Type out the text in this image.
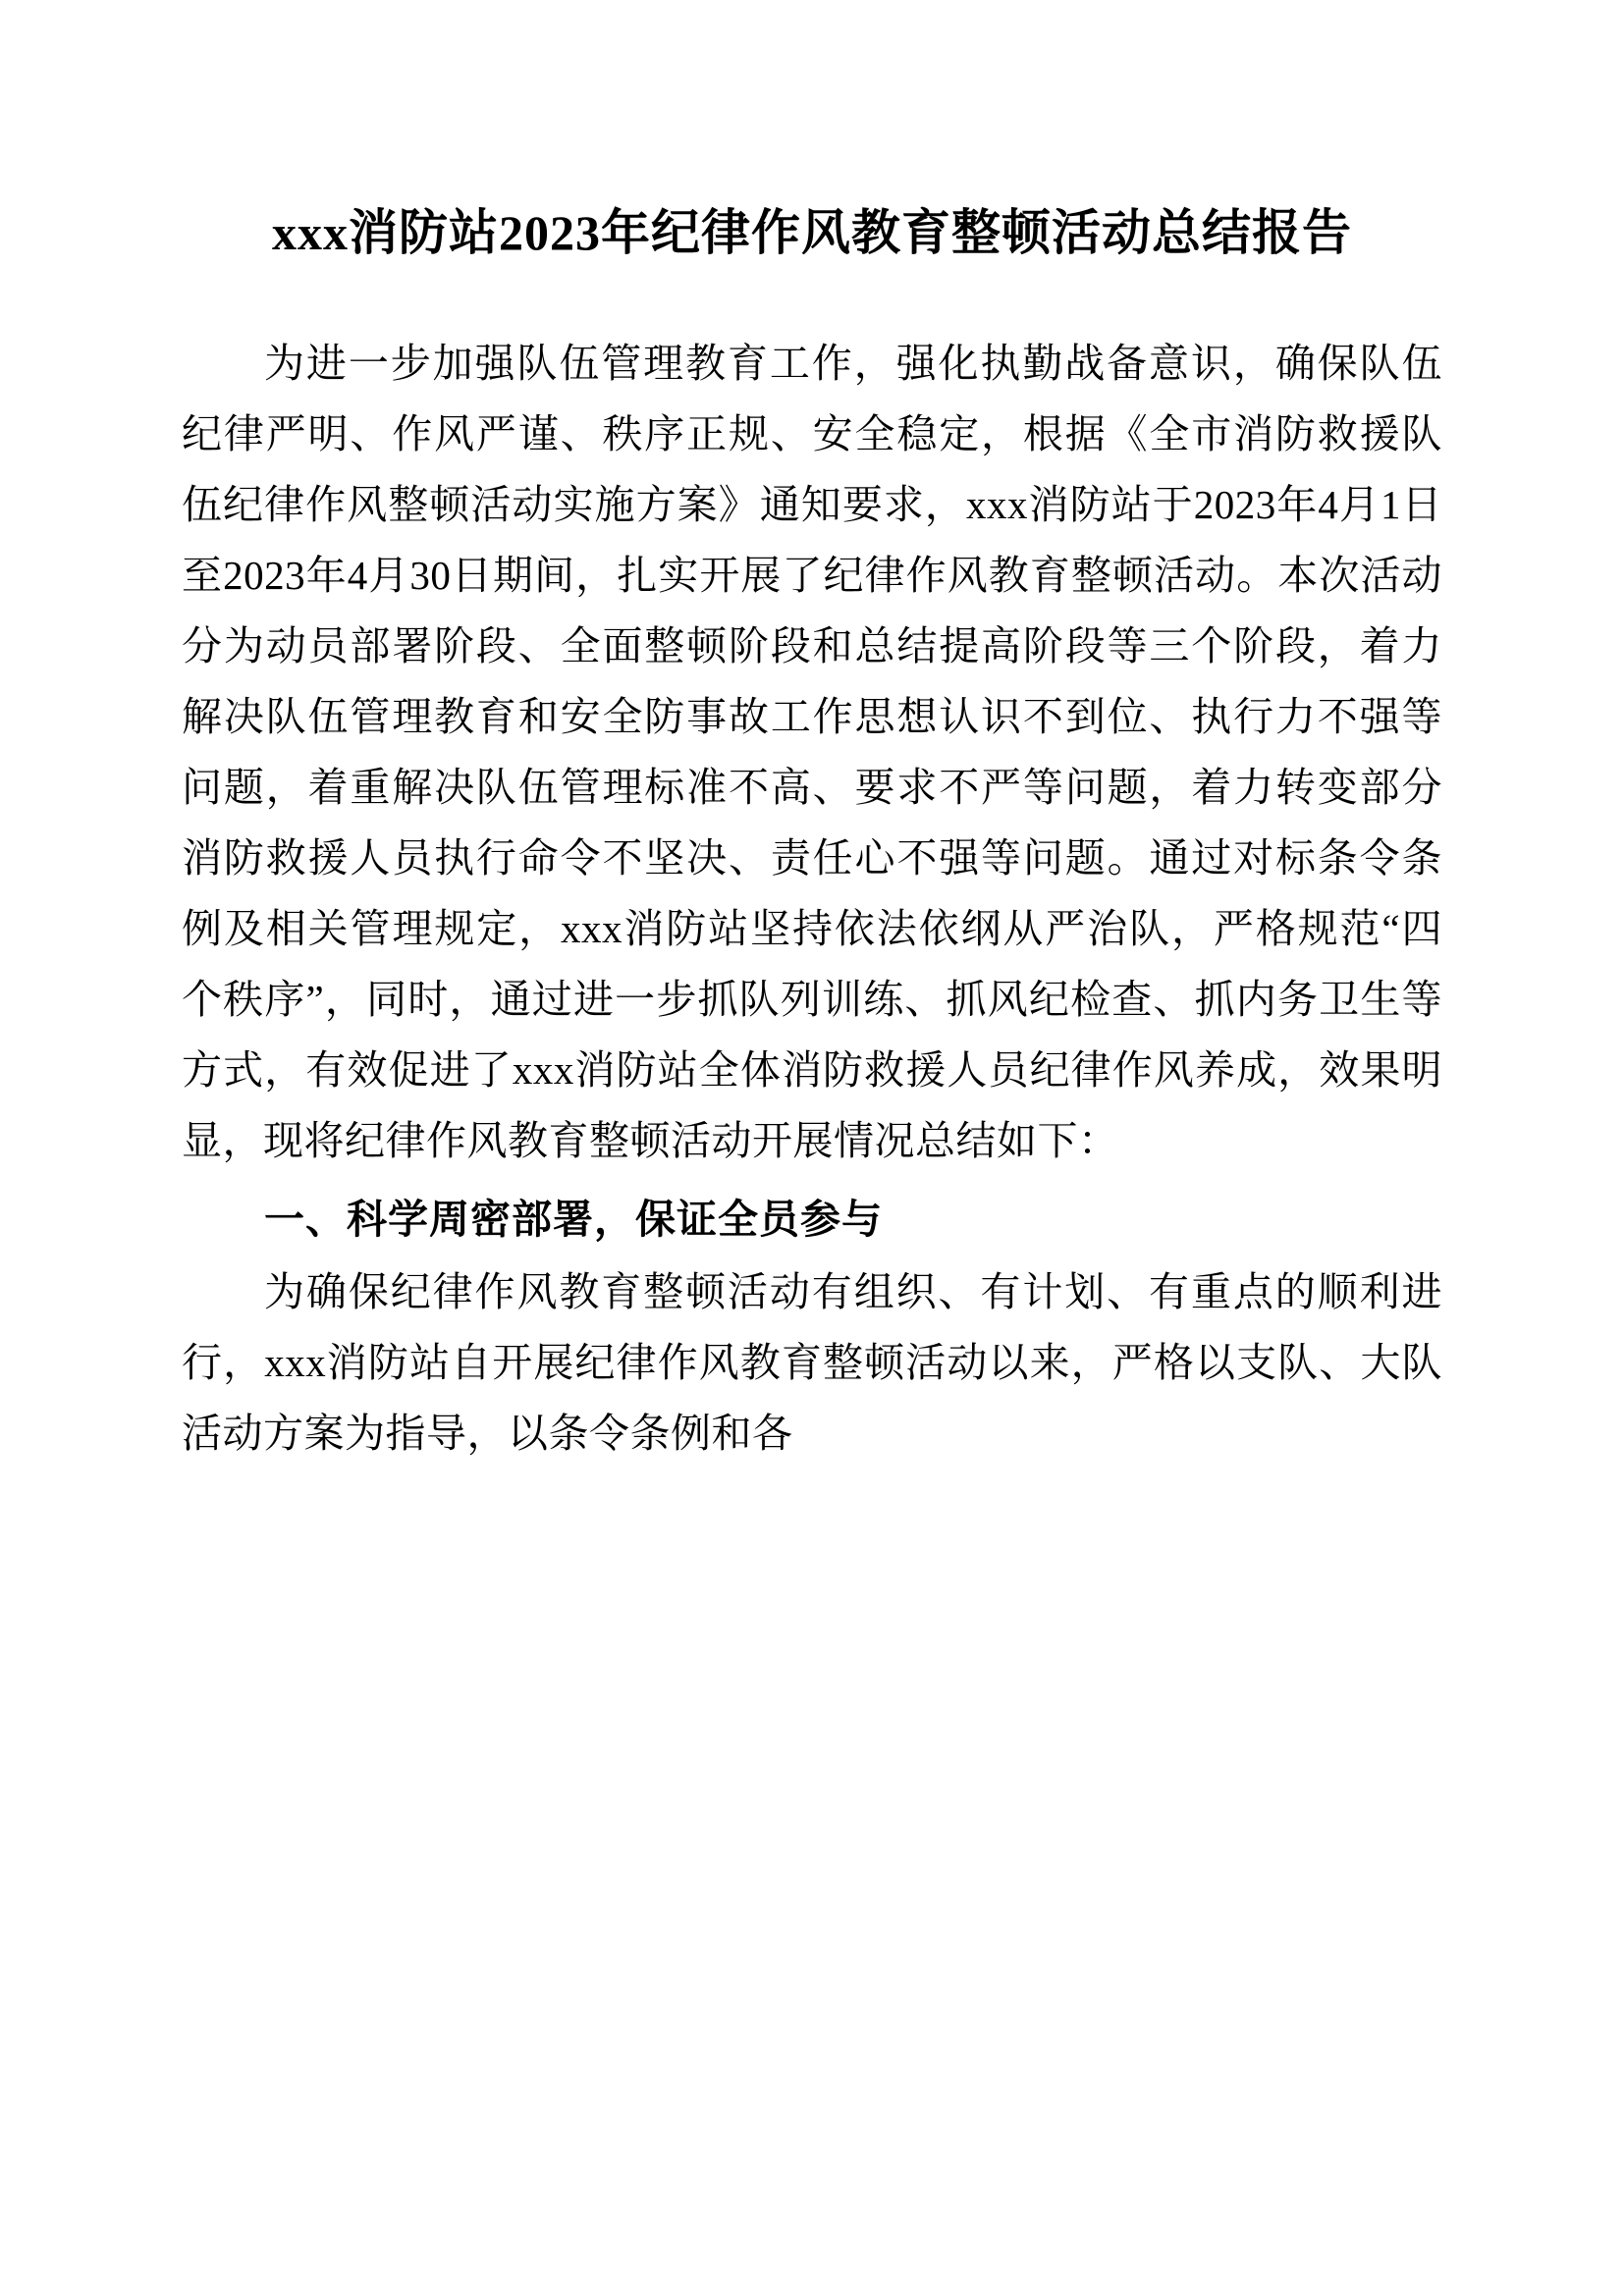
xxx消防站2023年纪律作风教育整顿活动总结报告

为进一步加强队伍管理教育工作，强化执勤战备意识，确保队伍纪律严明、作风严谨、秩序正规、安全稳定，根据《全市消防救援队伍纪律作风整顿活动实施方案》通知要求，xxx消防站于2023年4月1日至2023年4月30日期间，扎实开展了纪律作风教育整顿活动。本次活动分为动员部署阶段、全面整顿阶段和总结提高阶段等三个阶段，着力解决队伍管理教育和安全防事故工作思想认识不到位、执行力不强等问题，着重解决队伍管理标准不高、要求不严等问题，着力转变部分消防救援人员执行命令不坚决、责任心不强等问题。通过对标条令条例及相关管理规定，xxx消防站坚持依法依纲从严治队，严格规范“四个秩序”，同时，通过进一步抓队列训练、抓风纪检查、抓内务卫生等方式，有效促进了xxx消防站全体消防救援人员纪律作风养成，效果明显，现将纪律作风教育整顿活动开展情况总结如下：

一、科学周密部署，保证全员参与

为确保纪律作风教育整顿活动有组织、有计划、有重点的顺利进行，xxx消防站自开展纪律作风教育整顿活动以来，严格以支队、大队活动方案为指导，以条令条例和各
